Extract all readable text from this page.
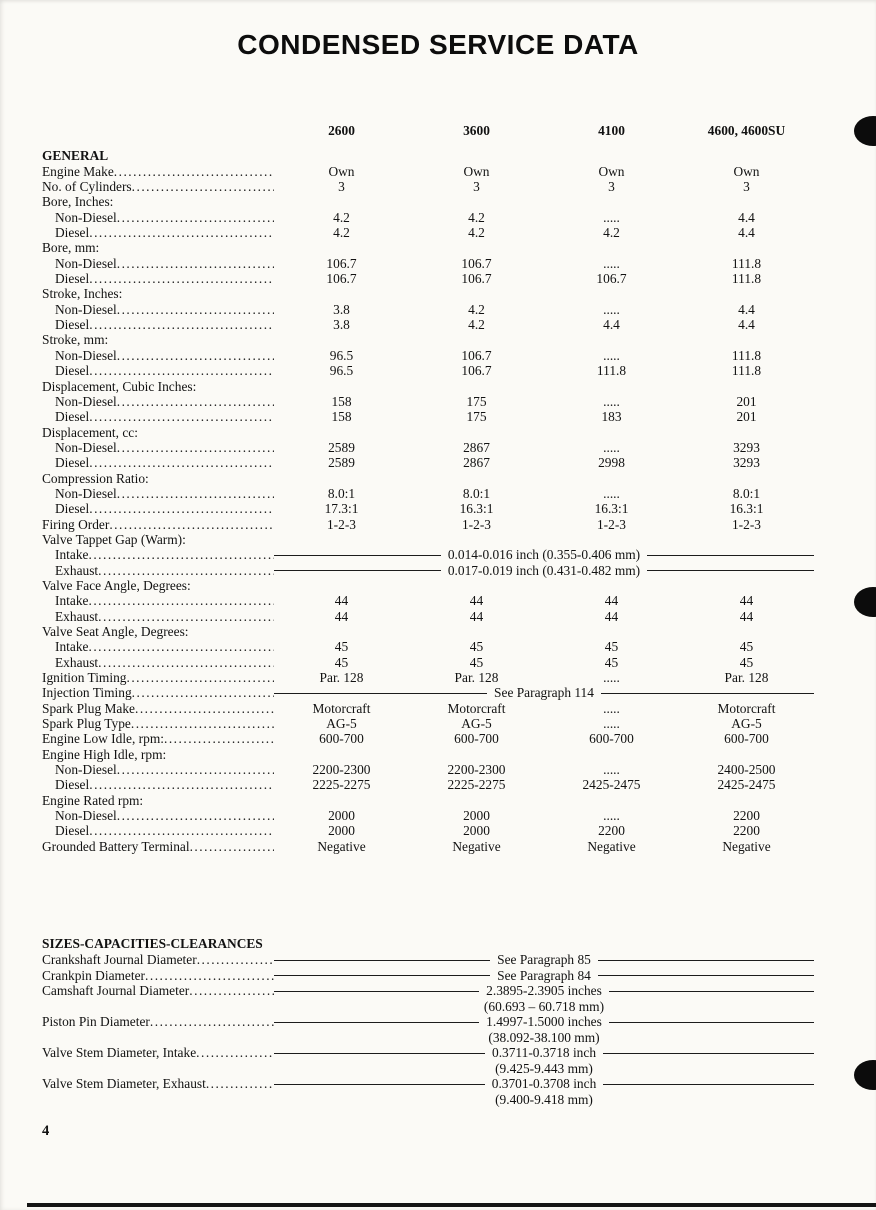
CONDENSED SERVICE DATA
2600	3600	4100	4600, 4600SU
GENERAL
Engine Make .....	Own	Own	Own	Own
No. of Cylinders .....	3	3	3	3
Bore, Inches:
Non-Diesel .....	4.2	4.2	.....	4.4
Diesel .....	4.2	4.2	4.2	4.4
Bore, mm:
Non-Diesel .....	106.7	106.7	.....	111.8
Diesel .....	106.7	106.7	106.7	111.8
Stroke, Inches:
Non-Diesel .....	3.8	4.2	.....	4.4
Diesel .....	3.8	4.2	4.4	4.4
Stroke, mm:
Non-Diesel .....	96.5	106.7	.....	111.8
Diesel .....	96.5	106.7	111.8	111.8
Displacement, Cubic Inches:
Non-Diesel .....	158	175	.....	201
Diesel .....	158	175	183	201
Displacement, cc:
Non-Diesel .....	2589	2867	.....	3293
Diesel .....	2589	2867	2998	3293
Compression Ratio:
Non-Diesel .....	8.0:1	8.0:1	.....	8.0:1
Diesel .....	17.3:1	16.3:1	16.3:1	16.3:1
Firing Order .....	1-2-3	1-2-3	1-2-3	1-2-3
Valve Tappet Gap (Warm):
Intake .....	0.014-0.016 inch (0.355-0.406 mm)
Exhaust .....	0.017-0.019 inch (0.431-0.482 mm)
Valve Face Angle, Degrees:
Intake .....	44	44	44	44
Exhaust .....	44	44	44	44
Valve Seat Angle, Degrees:
Intake .....	45	45	45	45
Exhaust .....	45	45	45	45
Ignition Timing .....	Par. 128	Par. 128	.....	Par. 128
Injection Timing .....	See Paragraph 114
Spark Plug Make .....	Motorcraft	Motorcraft	.....	Motorcraft
Spark Plug Type .....	AG-5	AG-5	.....	AG-5
Engine Low Idle, rpm: .....	600-700	600-700	600-700	600-700
Engine High Idle, rpm:
Non-Diesel .....	2200-2300	2200-2300	.....	2400-2500
Diesel .....	2225-2275	2225-2275	2425-2475	2425-2475
Engine Rated rpm:
Non-Diesel .....	2000	2000	.....	2200
Diesel .....	2000	2000	2200	2200
Grounded Battery Terminal .....	Negative	Negative	Negative	Negative
SIZES-CAPACITIES-CLEARANCES
Crankshaft Journal Diameter .....	See Paragraph 85
Crankpin Diameter .....	See Paragraph 84
Camshaft Journal Diameter .....	2.3895-2.3905 inches
(60.693 – 60.718 mm)
Piston Pin Diameter .....	1.4997-1.5000 inches
(38.092-38.100 mm)
Valve Stem Diameter, Intake .....	0.3711-0.3718 inch
(9.425-9.443 mm)
Valve Stem Diameter, Exhaust .....	0.3701-0.3708 inch
(9.400-9.418 mm)
4
